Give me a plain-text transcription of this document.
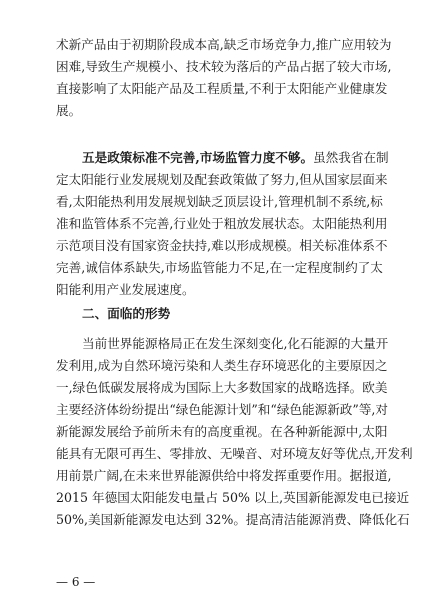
术新产品由于初期阶段成本高,缺乏市场竞争力,推广应用较为
困难,导致生产规模小、技术较为落后的产品占据了较大市场,
直接影响了太阳能产品及工程质量,不利于太阳能产业健康发
展。
五是政策标准不完善,市场监管力度不够。虽然我省在制
定太阳能行业发展规划及配套政策做了努力,但从国家层面来
看,太阳能热利用发展规划缺乏顶层设计,管理机制不系统,标
准和监管体系不完善,行业处于粗放发展状态。太阳能热利用
示范项目没有国家资金扶持,难以形成规模。相关标准体系不
完善,诚信体系缺失,市场监管能力不足,在一定程度制约了太
阳能利用产业发展速度。
二、面临的形势
当前世界能源格局正在发生深刻变化,化石能源的大量开
发利用,成为自然环境污染和人类生存环境恶化的主要原因之
一,绿色低碳发展将成为国际上大多数国家的战略选择。欧美
主要经济体纷纷提出“绿色能源计划”和“绿色能源新政”等,对
新能源发展给予前所未有的高度重视。在各种新能源中,太阳
能具有无限可再生、零排放、无噪音、对环境友好等优点,开发利
用前景广阔,在未来世界能源供给中将发挥重要作用。据报道,
2015 年德国太阳能发电量占 50% 以上,英国新能源发电已接近
50%,美国新能源发电达到 32%。提高清洁能源消费、降低化石
— 6 —
